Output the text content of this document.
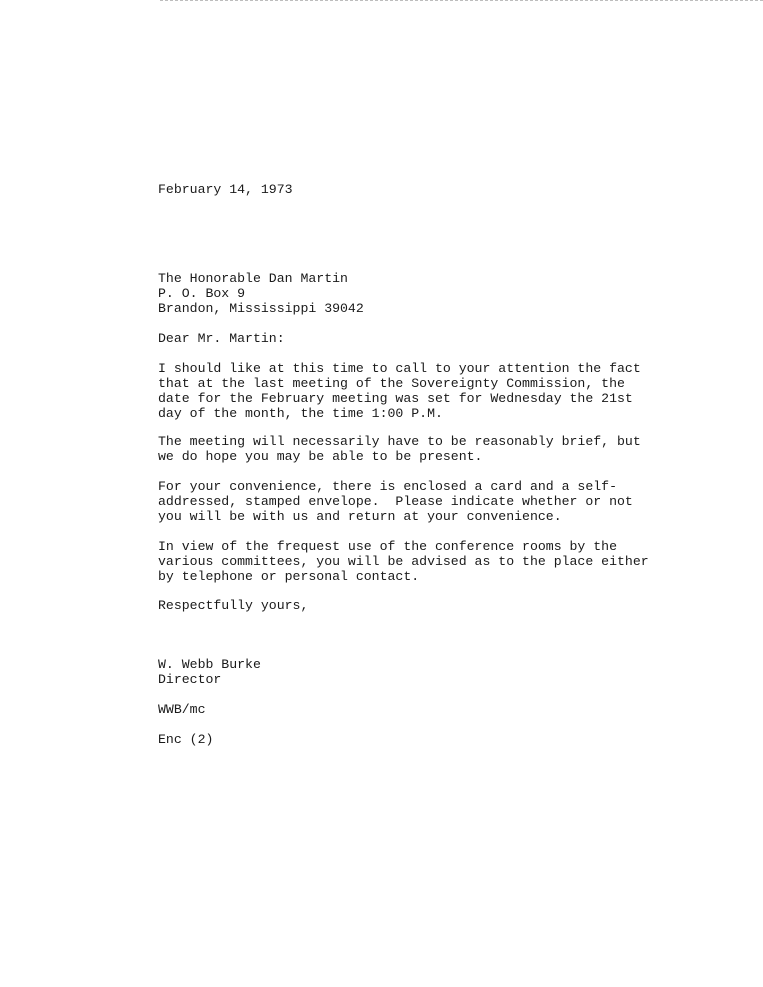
February 14, 1973
The Honorable Dan Martin
P. O. Box 9
Brandon, Mississippi 39042
Dear Mr. Martin:
I should like at this time to call to your attention the fact
that at the last meeting of the Sovereignty Commission, the
date for the February meeting was set for Wednesday the 21st
day of the month, the time 1:00 P.M.
The meeting will necessarily have to be reasonably brief, but
we do hope you may be able to be present.
For your convenience, there is enclosed a card and a self-
addressed, stamped envelope.  Please indicate whether or not
you will be with us and return at your convenience.
In view of the frequest use of the conference rooms by the
various committees, you will be advised as to the place either
by telephone or personal contact.
Respectfully yours,
W. Webb Burke
Director
WWB/mc
Enc (2)
